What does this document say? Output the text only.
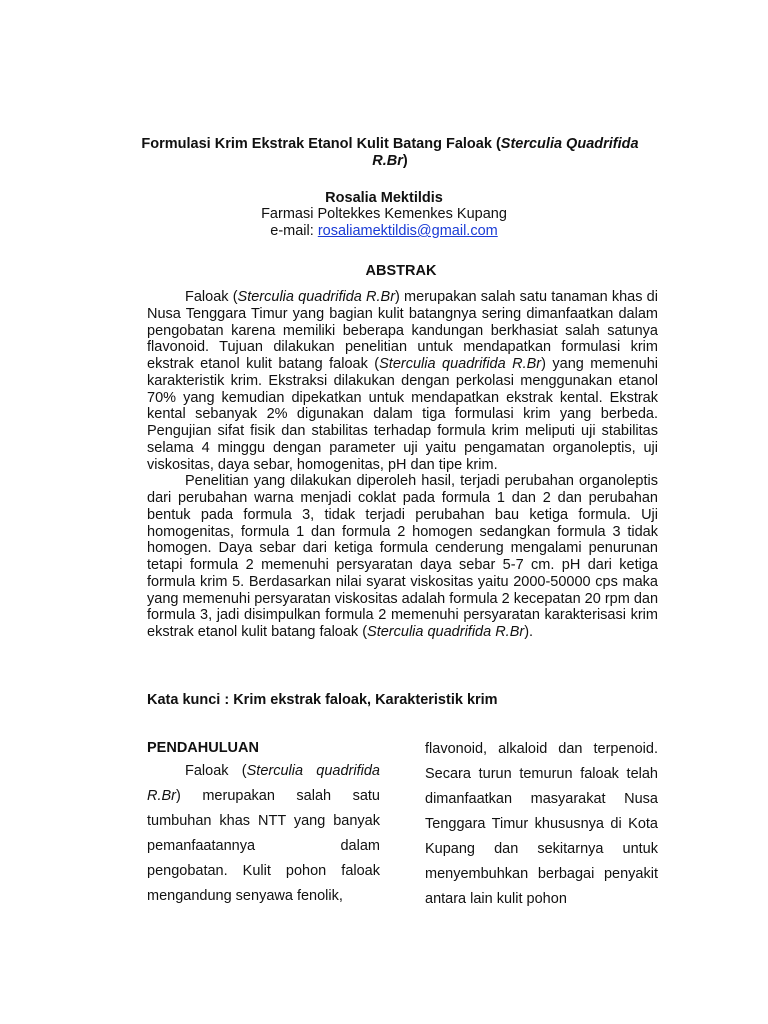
Formulasi Krim Ekstrak Etanol Kulit Batang Faloak (Sterculia Quadrifida R.Br)
Rosalia Mektildis
Farmasi Poltekkes Kemenkes Kupang
e-mail: rosaliamektildis@gmail.com
ABSTRAK

Faloak (Sterculia quadrifida R.Br) merupakan salah satu tanaman khas di Nusa Tenggara Timur yang bagian kulit batangnya sering dimanfaatkan dalam pengobatan karena memiliki beberapa kandungan berkhasiat salah satunya flavonoid. Tujuan dilakukan penelitian untuk mendapatkan formulasi krim ekstrak etanol kulit batang faloak (Sterculia quadrifida R.Br) yang memenuhi karakteristik krim. Ekstraksi dilakukan dengan perkolasi menggunakan etanol 70% yang kemudian dipekatkan untuk mendapatkan ekstrak kental. Ekstrak kental sebanyak 2% digunakan dalam tiga formulasi krim yang berbeda. Pengujian sifat fisik dan stabilitas terhadap formula krim meliputi uji stabilitas selama 4 minggu dengan parameter uji yaitu pengamatan organoleptis, uji viskositas, daya sebar, homogenitas, pH dan tipe krim.

Penelitian yang dilakukan diperoleh hasil, terjadi perubahan organoleptis dari perubahan warna menjadi coklat pada formula 1 dan 2 dan perubahan bentuk pada formula 3, tidak terjadi perubahan bau ketiga formula. Uji homogenitas, formula 1 dan formula 2 homogen sedangkan formula 3 tidak homogen. Daya sebar dari ketiga formula cenderung mengalami penurunan tetapi formula 2 memenuhi persyaratan daya sebar 5-7 cm. pH dari ketiga formula krim 5. Berdasarkan nilai syarat viskositas yaitu 2000-50000 cps maka yang memenuhi persyaratan viskositas adalah formula 2 kecepatan 20 rpm dan formula 3, jadi disimpulkan formula 2 memenuhi persyaratan karakterisasi krim ekstrak etanol kulit batang faloak (Sterculia quadrifida R.Br).

Kata kunci : Krim ekstrak faloak, Karakteristik krim
PENDAHULUAN

Faloak (Sterculia quadrifida R.Br) merupakan salah satu tumbuhan khas NTT yang banyak pemanfaatannya dalam pengobatan. Kulit pohon faloak mengandung senyawa fenolik,

flavonoid, alkaloid dan terpenoid. Secara turun temurun faloak telah dimanfaatkan masyarakat Nusa Tenggara Timur khususnya di Kota Kupang dan sekitarnya untuk menyembuhkan berbagai penyakit antara lain kulit pohon
